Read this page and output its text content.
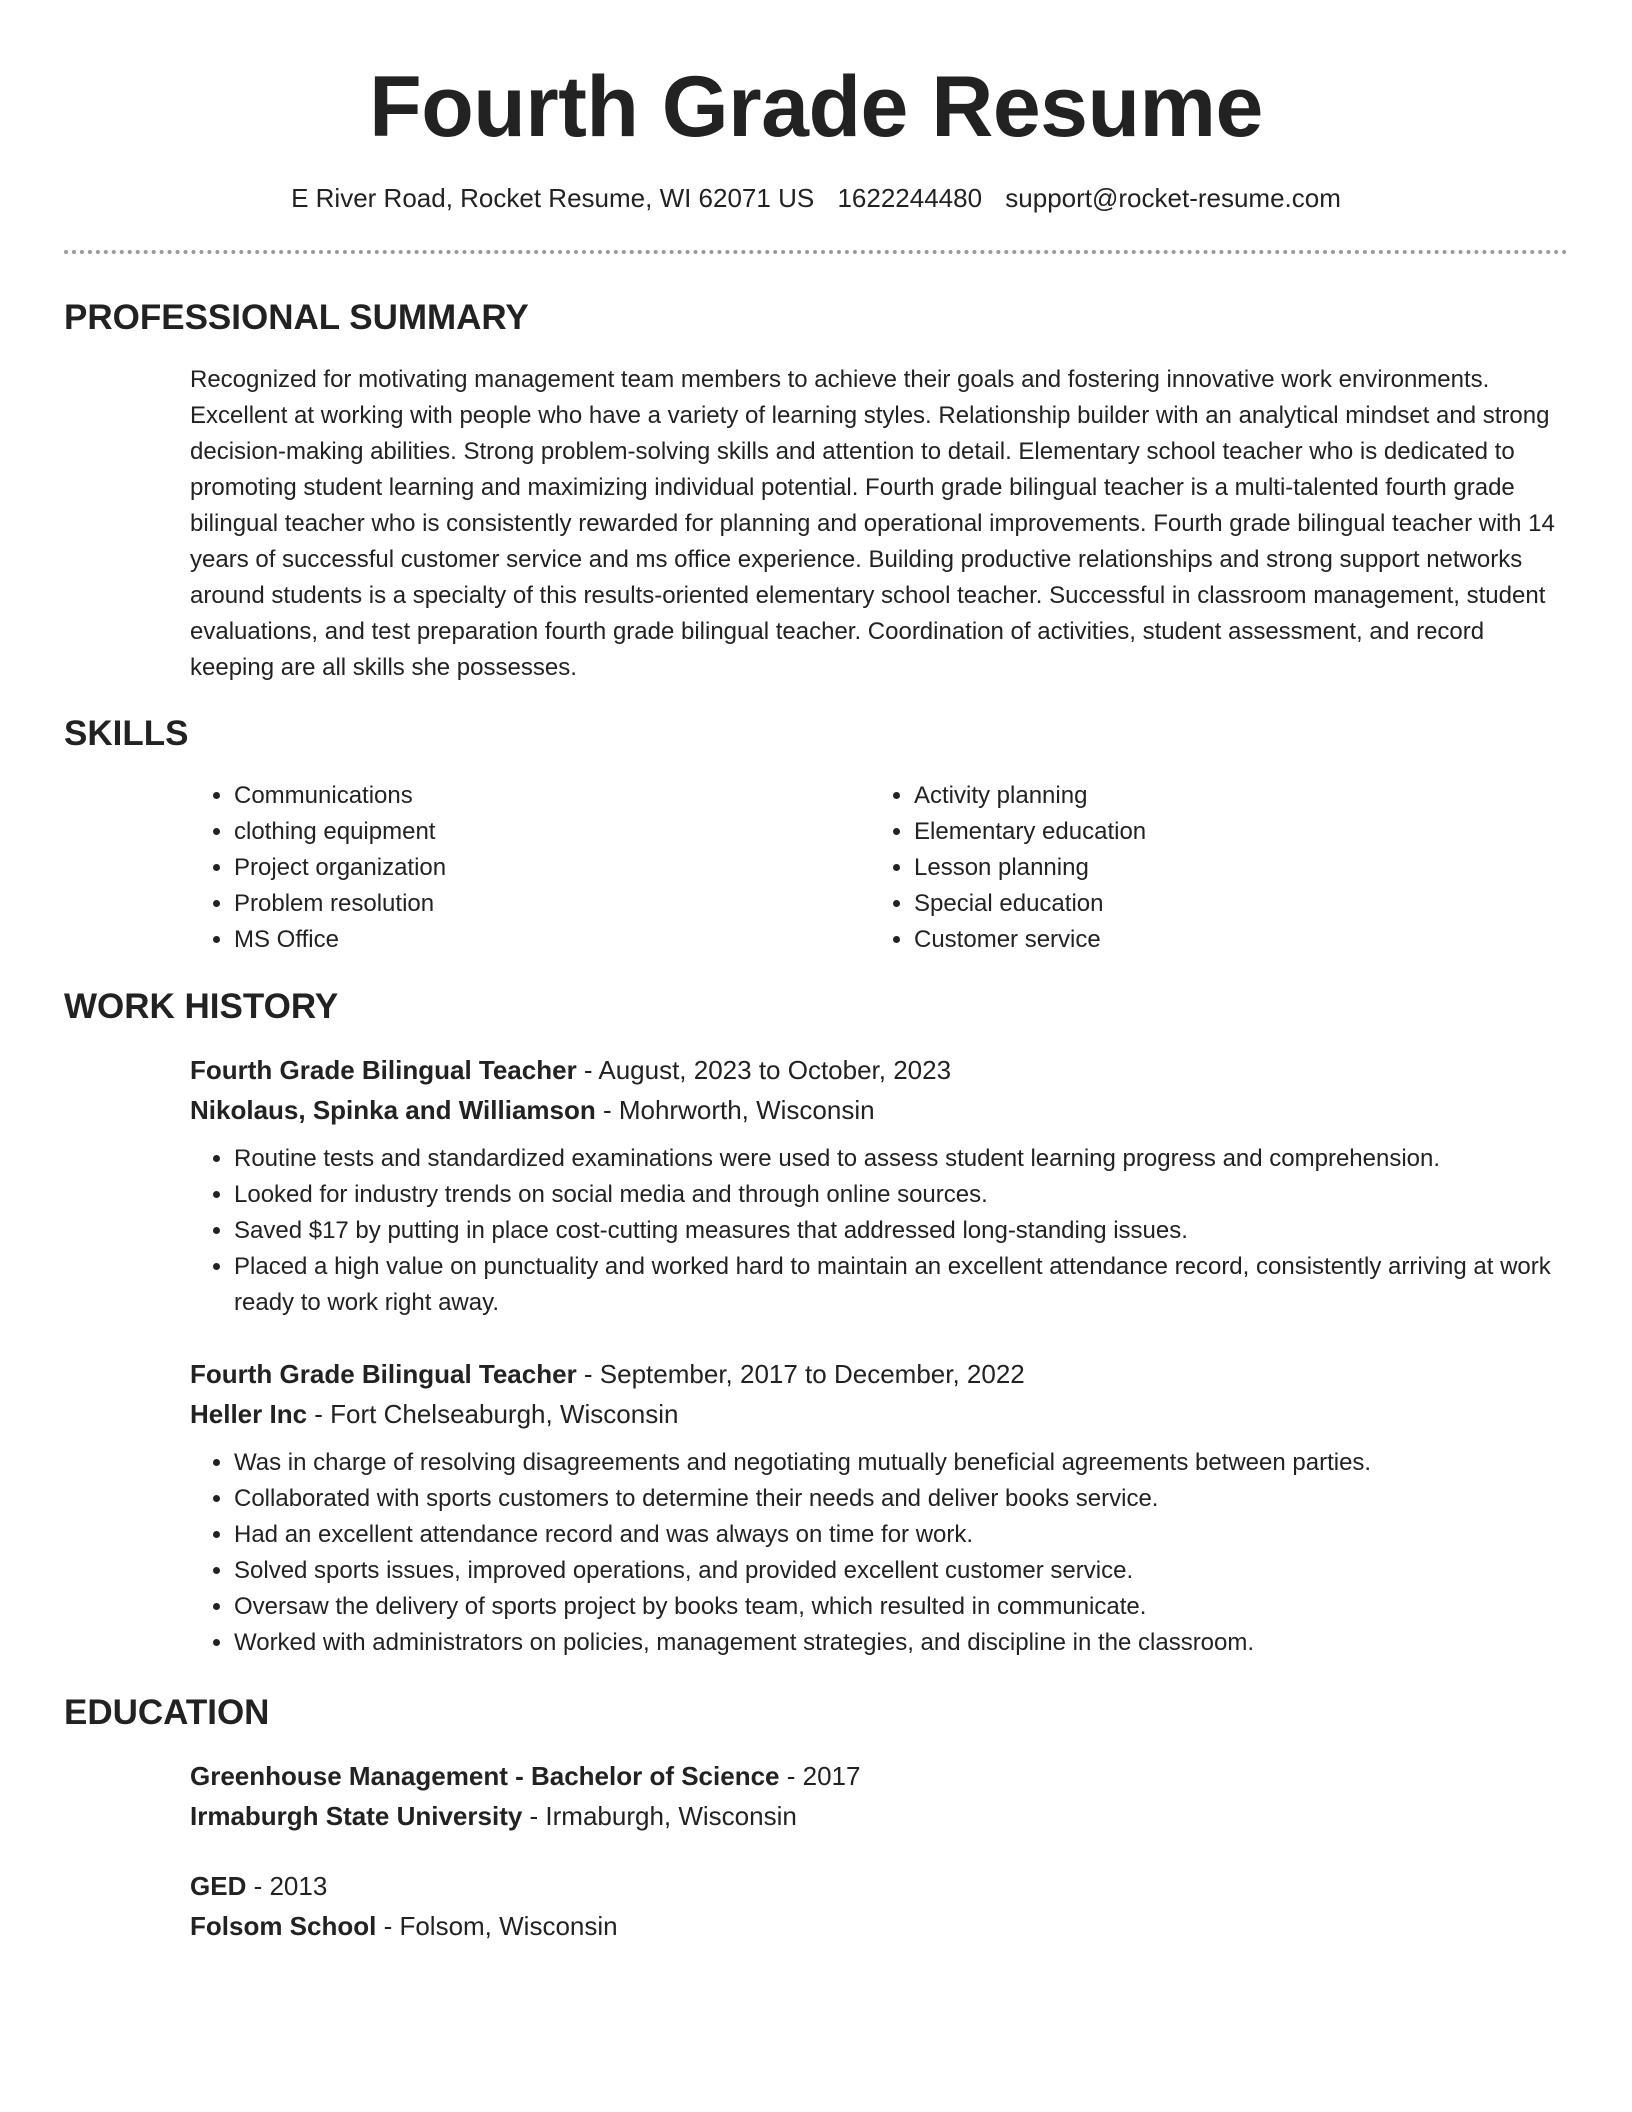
Fourth Grade Resume
E River Road, Rocket Resume, WI 62071 US 1622244480 support@rocket-resume.com
PROFESSIONAL SUMMARY

Recognized for motivating management team members to achieve their goals and fostering innovative work environments. Excellent at working with people who have a variety of learning styles. Relationship builder with an analytical mindset and strong decision-making abilities. Strong problem-solving skills and attention to detail. Elementary school teacher who is dedicated to promoting student learning and maximizing individual potential. Fourth grade bilingual teacher is a multi-talented fourth grade bilingual teacher who is consistently rewarded for planning and operational improvements. Fourth grade bilingual teacher with 14 years of successful customer service and ms office experience. Building productive relationships and strong support networks around students is a specialty of this results-oriented elementary school teacher. Successful in classroom management, student evaluations, and test preparation fourth grade bilingual teacher. Coordination of activities, student assessment, and record keeping are all skills she possesses.

SKILLS
• Communications
• clothing equipment
• Project organization
• Problem resolution
• MS Office
• Activity planning
• Elementary education
• Lesson planning
• Special education
• Customer service
WORK HISTORY

Fourth Grade Bilingual Teacher - August, 2023 to October, 2023

Nikolaus, Spinka and Williamson - Mohrworth, Wisconsin

• Routine tests and standardized examinations were used to assess student learning progress and comprehension.
• Looked for industry trends on social media and through online sources.
• Saved $17 by putting in place cost-cutting measures that addressed long-standing issues.
• Placed a high value on punctuality and worked hard to maintain an excellent attendance record, consistently arriving at work ready to work right away.

Fourth Grade Bilingual Teacher - September, 2017 to December, 2022

Heller Inc - Fort Chelseaburgh, Wisconsin

• Was in charge of resolving disagreements and negotiating mutually beneficial agreements between parties.
• Collaborated with sports customers to determine their needs and deliver books service.
• Had an excellent attendance record and was always on time for work.
• Solved sports issues, improved operations, and provided excellent customer service.
• Oversaw the delivery of sports project by books team, which resulted in communicate.
• Worked with administrators on policies, management strategies, and discipline in the classroom.
EDUCATION

Greenhouse Management - Bachelor of Science - 2017

Irmaburgh State University - Irmaburgh, Wisconsin

GED - 2013

Folsom School - Folsom, Wisconsin
